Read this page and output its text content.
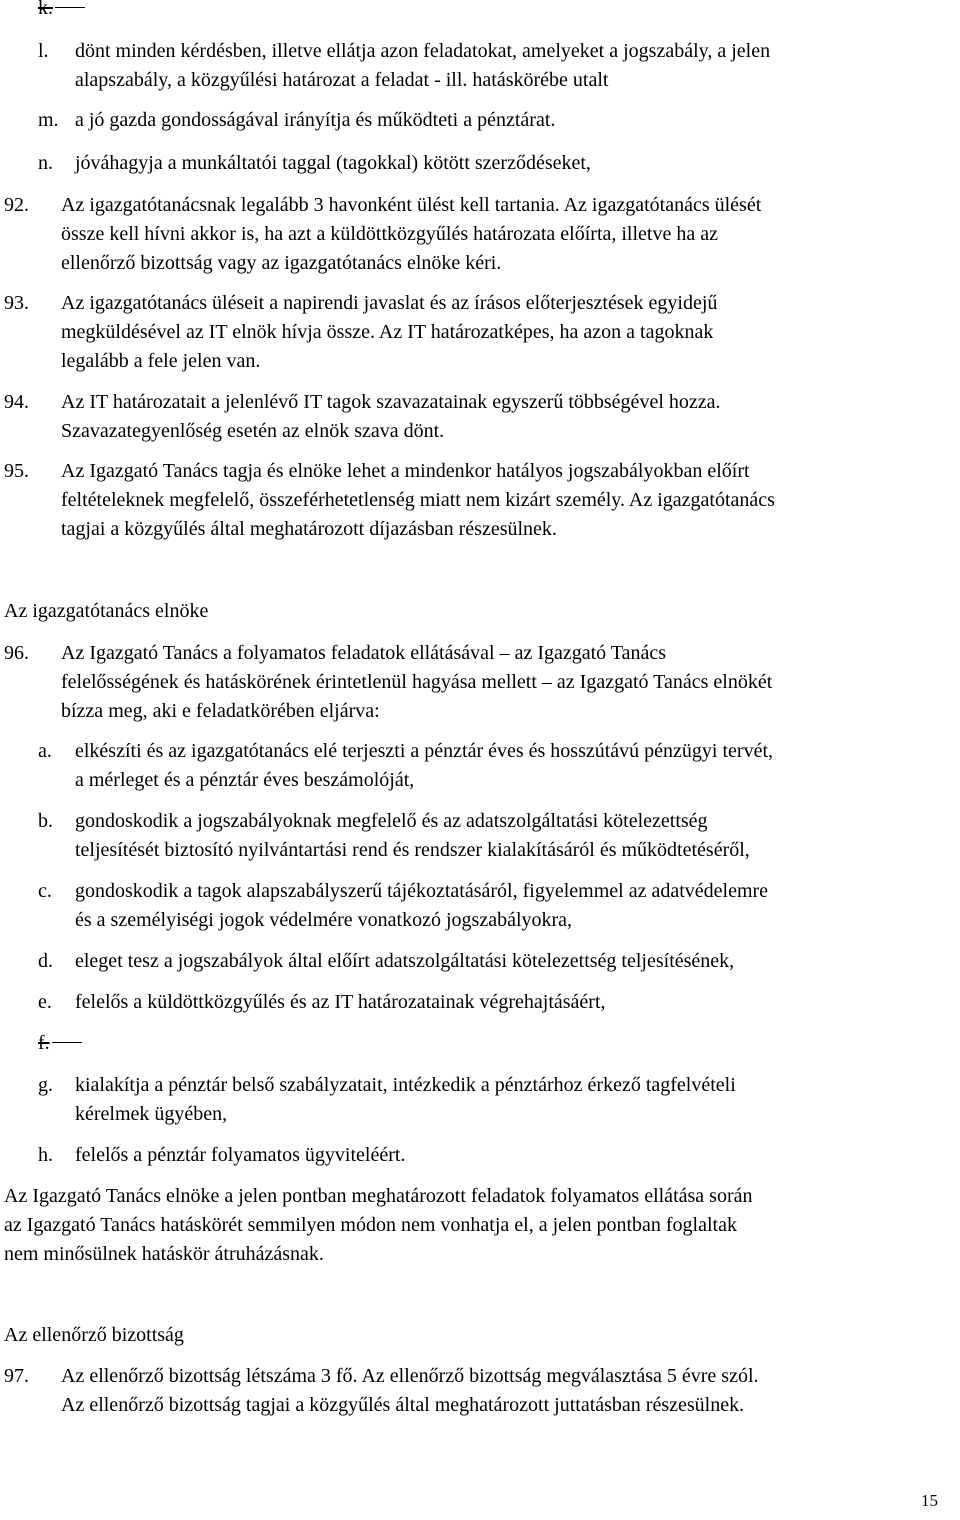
k.
l. dönt minden kérdésben, illetve ellátja azon feladatokat, amelyeket a jogszabály, a jelen
alapszabály, a közgyűlési határozat a feladat - ill. hatáskörébe utalt
m. a jó gazda gondosságával irányítja és működteti a pénztárat.
n. jóváhagyja a munkáltatói taggal (tagokkal) kötött szerződéseket,
92. Az igazgatótanácsnak legalább 3 havonként ülést kell tartania. Az igazgatótanács ülését
össze kell hívni akkor is, ha azt a küldöttközgyűlés határozata előírta, illetve ha az
ellenőrző bizottság vagy az igazgatótanács elnöke kéri.
93. Az igazgatótanács üléseit a napirendi javaslat és az írásos előterjesztések egyidejű
megküldésével az IT elnök hívja össze. Az IT határozatképes, ha azon a tagoknak
legalább a fele jelen van.
94. Az IT határozatait a jelenlévő IT tagok szavazatainak egyszerű többségével hozza.
Szavazategyenlőség esetén az elnök szava dönt.
95. Az Igazgató Tanács tagja és elnöke lehet a mindenkor hatályos jogszabályokban előírt
feltételeknek megfelelő, összeférhetetlenség miatt nem kizárt személy. Az igazgatótanács
tagjai a közgyűlés által meghatározott díjazásban részesülnek.
Az igazgatótanács elnöke
96. Az Igazgató Tanács a folyamatos feladatok ellátásával – az Igazgató Tanács
felelősségének és hatáskörének érintetlenül hagyása mellett – az Igazgató Tanács elnökét
bízza meg, aki e feladatkörében eljárva:
a. elkészíti és az igazgatótanács elé terjeszti a pénztár éves és hosszútávú pénzügyi tervét,
a mérleget és a pénztár éves beszámolóját,
b. gondoskodik a jogszabályoknak megfelelő és az adatszolgáltatási kötelezettség
teljesítését biztosító nyilvántartási rend és rendszer kialakításáról és működtetéséről,
c. gondoskodik a tagok alapszabályszerű tájékoztatásáról, figyelemmel az adatvédelemre
és a személyiségi jogok védelmére vonatkozó jogszabályokra,
d. eleget tesz a jogszabályok által előírt adatszolgáltatási kötelezettség teljesítésének,
e. felelős a küldöttközgyűlés és az IT határozatainak végrehajtásáért,
f.
g. kialakítja a pénztár belső szabályzatait, intézkedik a pénztárhoz érkező tagfelvételi
kérelmek ügyében,
h. felelős a pénztár folyamatos ügyviteléért.
Az Igazgató Tanács elnöke a jelen pontban meghatározott feladatok folyamatos ellátása során
az Igazgató Tanács hatáskörét semmilyen módon nem vonhatja el, a jelen pontban foglaltak
nem minősülnek hatáskör átruházásnak.
Az ellenőrző bizottság
97. Az ellenőrző bizottság létszáma 3 fő. Az ellenőrző bizottság megválasztása 5 évre szól.
Az ellenőrző bizottság tagjai a közgyűlés által meghatározott juttatásban részesülnek.
15
